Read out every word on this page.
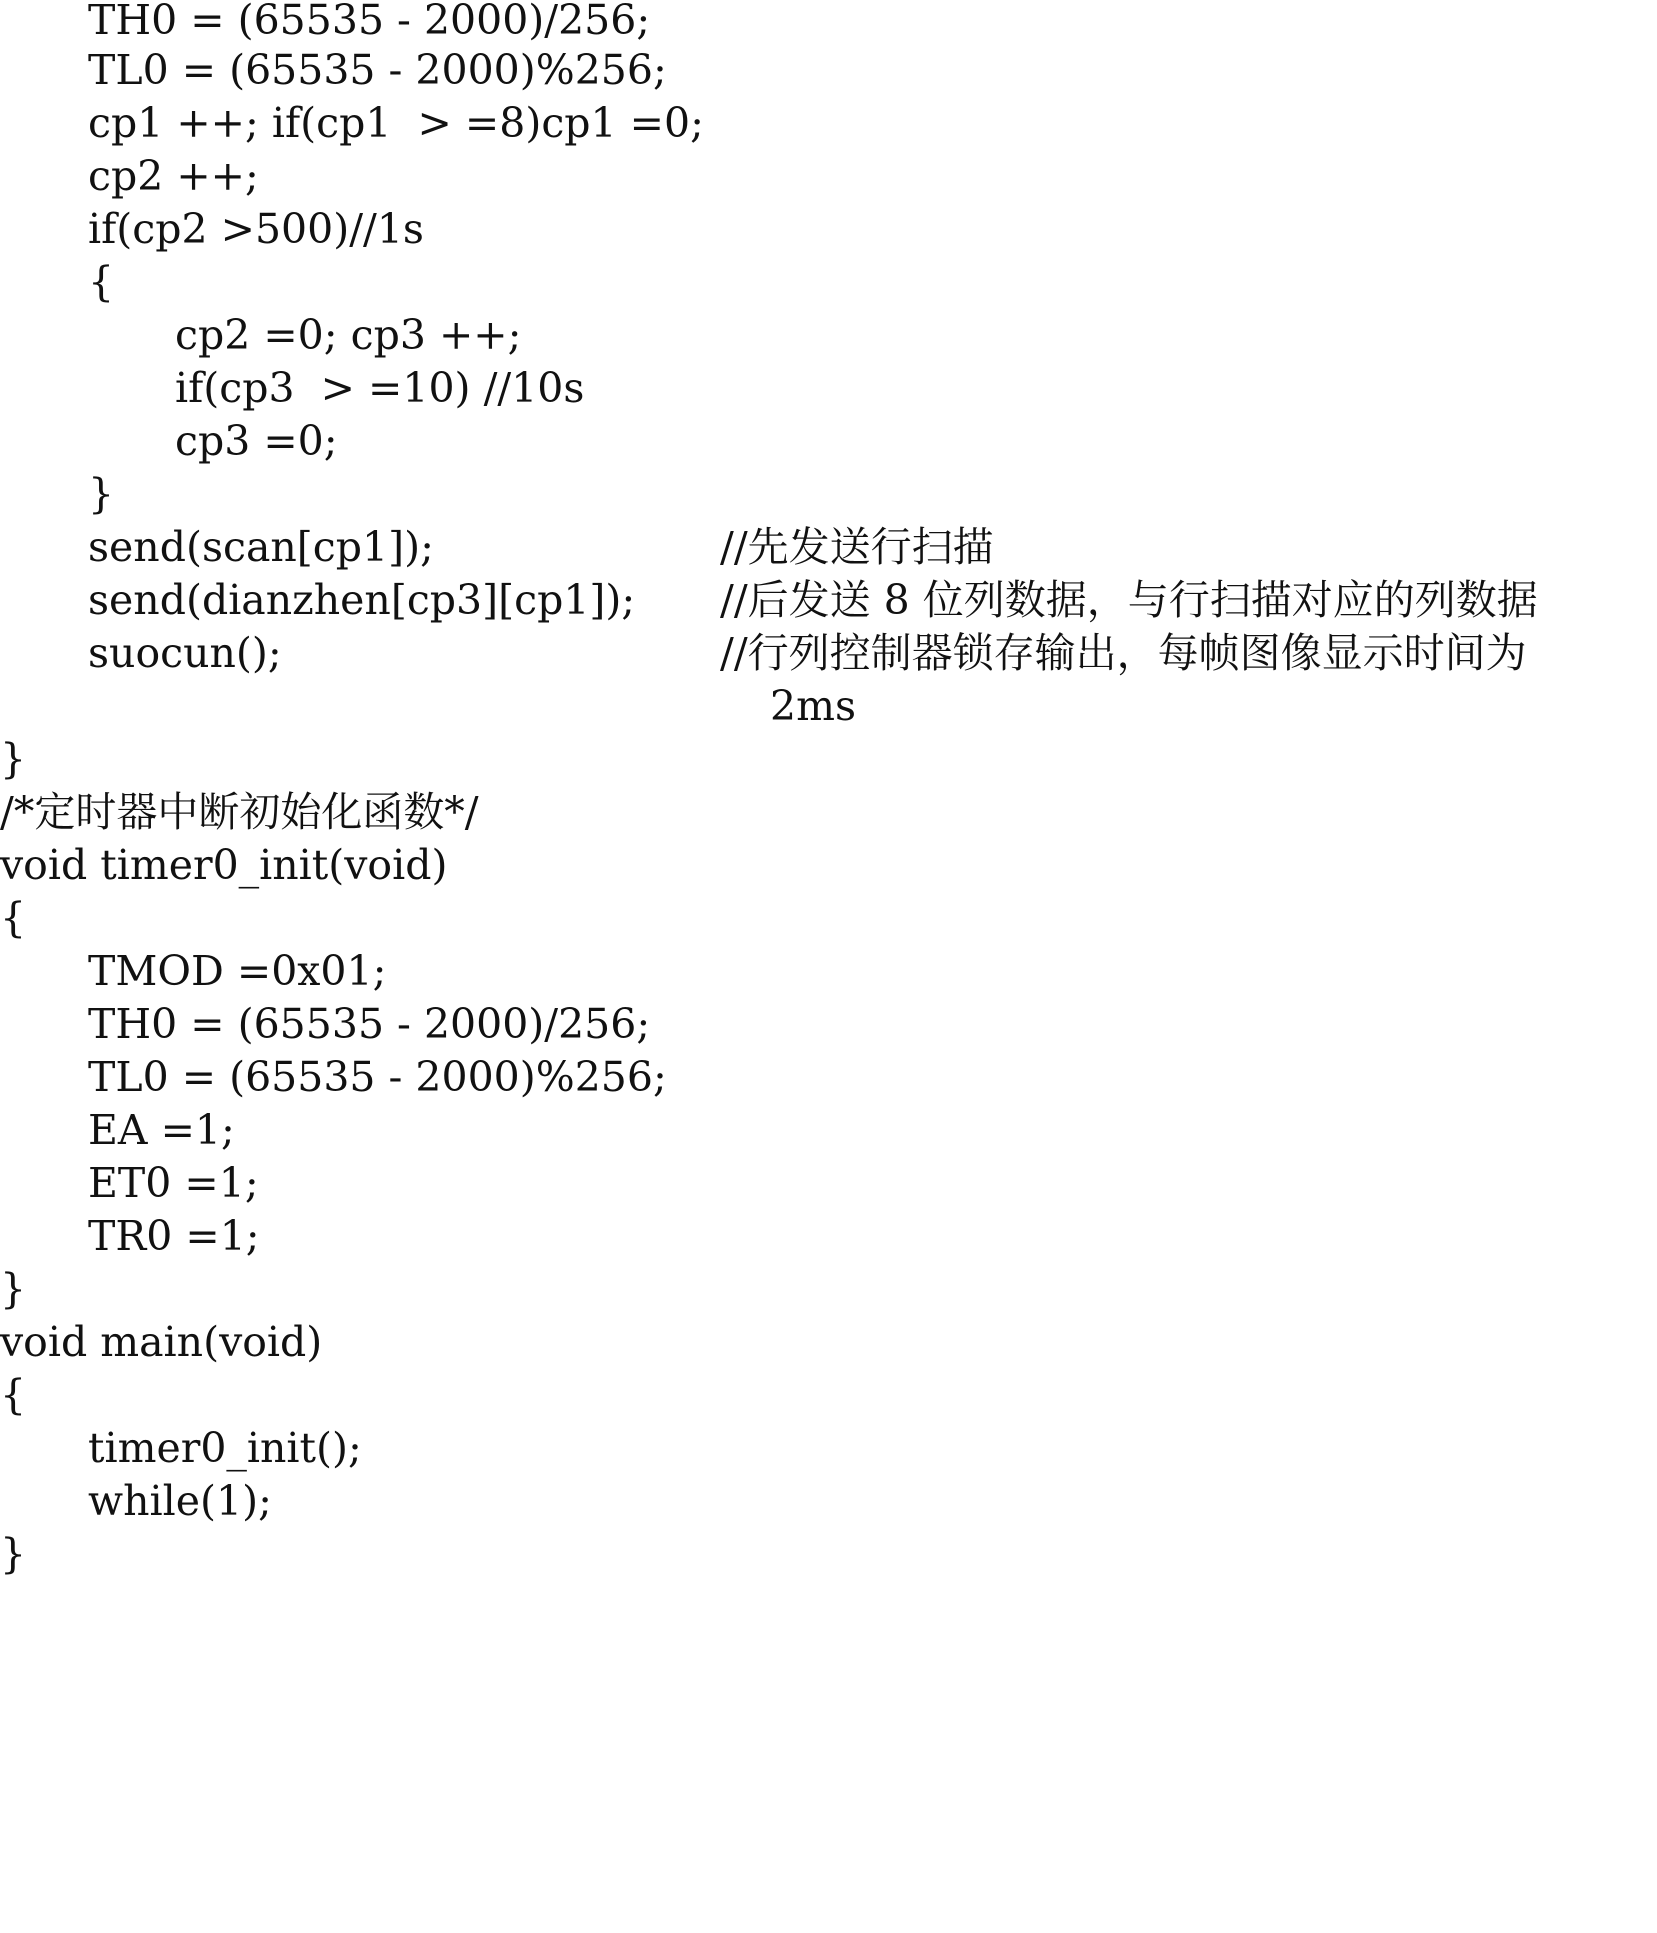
TH0 = (65535 - 2000)/256;
TL0 = (65535 - 2000)%256;
cp1 ++; if(cp1  > =8)cp1 =0;
cp2 ++;
if(cp2 >500)//1s
{
cp2 =0; cp3 ++;
if(cp3  > =10) //10s
cp3 =0;
}
send(scan[cp1]);	//先发送行扫描
send(dianzhen[cp3][cp1]); //后发送 8 位列数据，与行扫描对应的列数据
suocun();	//行列控制器锁存输出，每帧图像显示时间为
2ms
}
/*定时器中断初始化函数*/
void timer0_init(void)
{
TMOD =0x01;
TH0 = (65535 - 2000)/256;
TL0 = (65535 - 2000)%256;
EA =1;
ET0 =1;
TR0 =1;
}
void main(void)
{
timer0_init();
while(1);
}
